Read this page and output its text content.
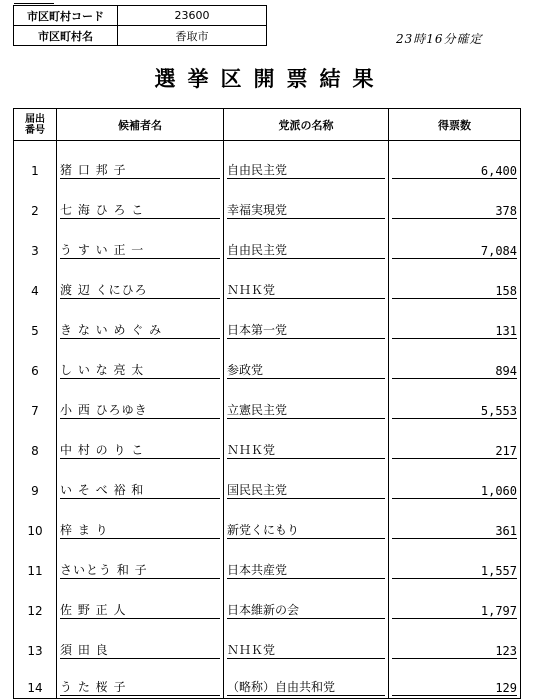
市区町村コード	23600
市区町村名	香取市	23時16分確定
選挙区開票結果
届出番号	候補者名	党派の名称	得票数
1	猪 口 邦 子	自由民主党	6,400
2	七 海 ひ ろ こ	幸福実現党	378
3	う す い 正 一	自由民主党	7,084
4	渡 辺 くにひろ	ＮＨＫ党	158
5	き な い め ぐ み	日本第一党	131
6	し い な 亮 太	参政党	894
7	小 西 ひろゆき	立憲民主党	5,553
8	中 村 の り こ	ＮＨＫ党	217
9	い そ べ 裕 和	国民民主党	1,060
10	梓 ま り	新党くにもり	361
11	さいとう 和 子	日本共産党	1,557
12	佐 野 正 人	日本維新の会	1,797
13	須 田 良	ＮＨＫ党	123
14	う た 桜 子	（略称）自由共和党	129
